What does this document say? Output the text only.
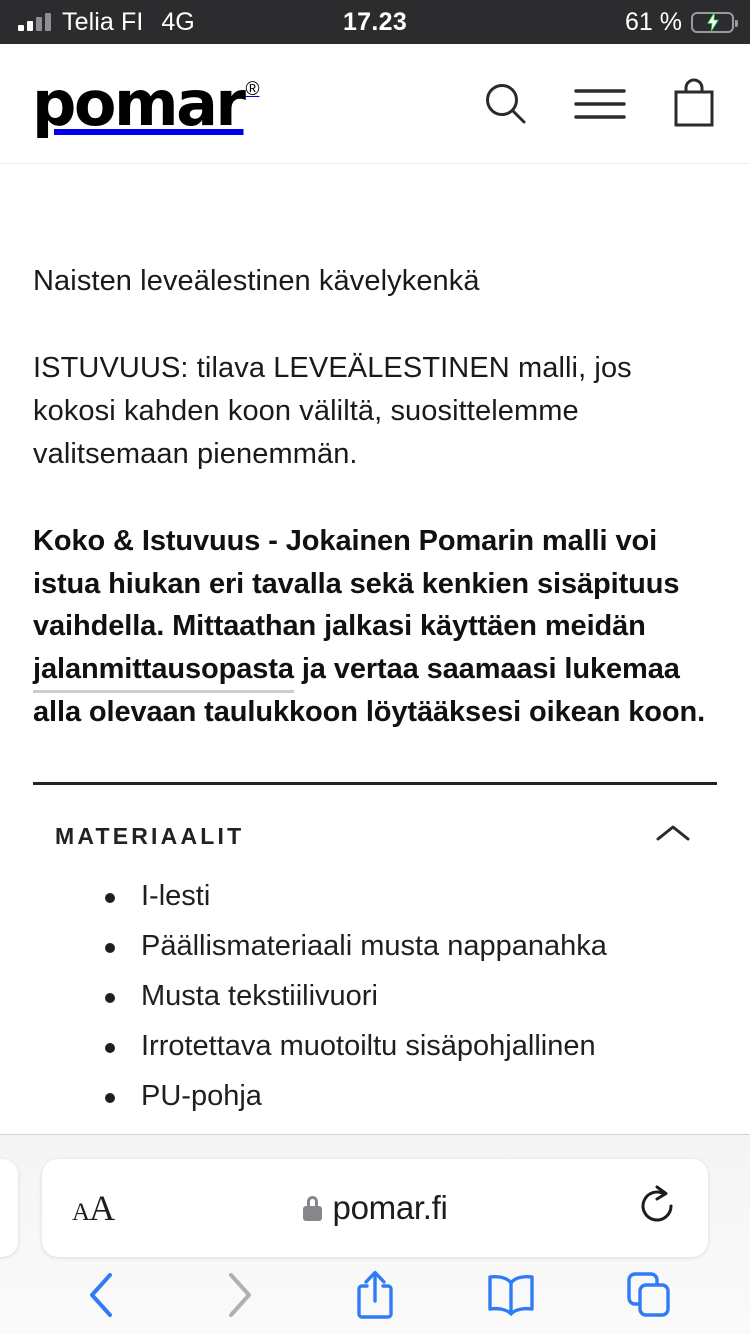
Telia FI 4G	17.23	61 %
pomar ®

Naisten leveälestinen kävelykenkä

ISTUVUUS: tilava LEVEÄLESTINEN malli, jos kokosi kahden koon väliltä, suosittelemme valitsemaan pienemmän.

Koko & Istuvuus - Jokainen Pomarin malli voi istua hiukan eri tavalla sekä kenkien sisäpituus vaihdella. Mittaathan jalkasi käyttäen meidän jalanmittausopasta ja vertaa saamaasi lukemaa alla olevaan taulukkoon löytääksesi oikean koon.

MATERIAALIT
I-lesti
Päällismateriaali musta nappanahka
Musta tekstiilivuori
Irrotettava muotoiltu sisäpohjallinen
PU-pohja
A A	pomar.fi
